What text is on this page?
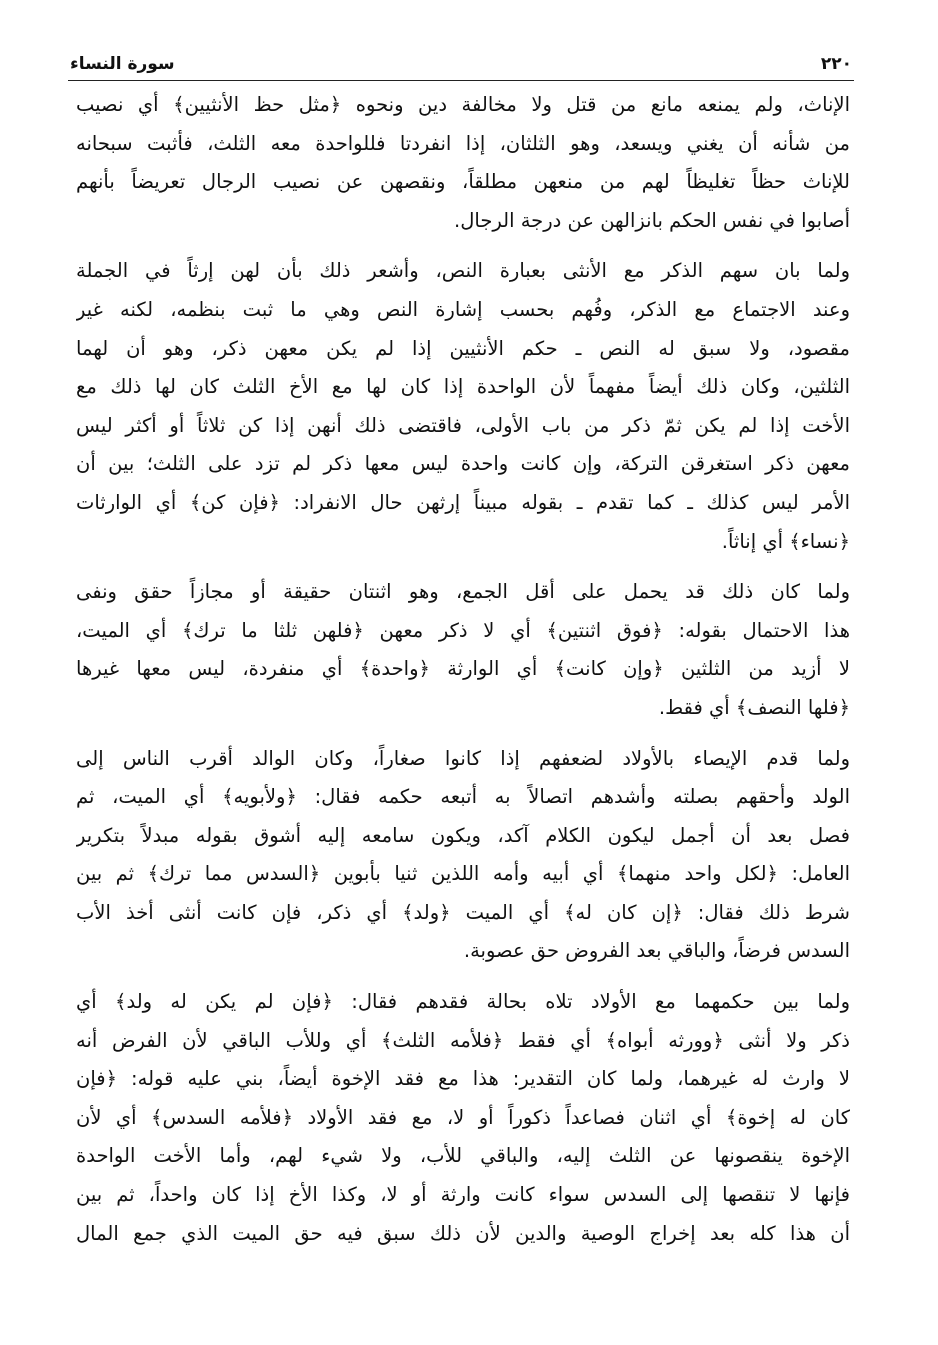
٢٢٠
سورة النساء
الإناث، ولم يمنعه مانع من قتل ولا مخالفة دين ونحوه ﴿مثل حظ الأنثيين﴾ أي نصيب
من شأنه أن يغني ويسعد، وهو الثلثان، إذا انفردتا فللواحدة معه الثلث، فأثبت سبحانه
للإناث حظاً تغليظاً لهم من منعهن مطلقاً، ونقصهن عن نصيب الرجال تعريضاً بأنهم
أصابوا في نفس الحكم بانزالهن عن درجة الرجال.
ولما بان سهم الذكر مع الأنثى بعبارة النص، وأشعر ذلك بأن لهن إرثاً في الجملة
وعند الاجتماع مع الذكر، وفُهم بحسب إشارة النص وهي ما ثبت بنظمه، لكنه غير
مقصود، ولا سبق له النص ـ حكم الأنثيين إذا لم يكن معهن ذكر، وهو أن لهما
الثلثين، وكان ذلك أيضاً مفهماً لأن الواحدة إذا كان لها مع الأخ الثلث كان لها ذلك مع
الأخت إذا لم يكن ثمّ ذكر من باب الأولى، فاقتضى ذلك أنهن إذا كن ثلاثاً أو أكثر ليس
معهن ذكر استغرقن التركة، وإن كانت واحدة ليس معها ذكر لم تزد على الثلث؛ بين أن
الأمر ليس كذلك ـ كما تقدم ـ بقوله مبيناً إرثهن حال الانفراد: ﴿فإن كن﴾ أي الوارثات
﴿نساء﴾ أي إناثاً.
ولما كان ذلك قد يحمل على أقل الجمع، وهو اثنتان حقيقة أو مجازاً حقق ونفى
هذا الاحتمال بقوله: ﴿فوق اثنتين﴾ أي لا ذكر معهن ﴿فلهن ثلثا ما ترك﴾ أي الميت،
لا أزيد من الثلثين ﴿وإن كانت﴾ أي الوارثة ﴿واحدة﴾ أي منفردة، ليس معها غيرها
﴿فلها النصف﴾ أي فقط.
ولما قدم الإيصاء بالأولاد لضعفهم إذا كانوا صغاراً، وكان الوالد أقرب الناس إلى
الولد وأحقهم بصلته وأشدهم اتصالاً به أتبعه حكمه فقال: ﴿ولأبويه﴾ أي الميت، ثم
فصل بعد أن أجمل ليكون الكلام آكد، ويكون سامعه إليه أشوق بقوله مبدلاً بتكرير
العامل: ﴿لكل واحد منهما﴾ أي أبيه وأمه اللذين ثنيا بأبوين ﴿السدس مما ترك﴾ ثم بين
شرط ذلك فقال: ﴿إن كان له﴾ أي الميت ﴿ولد﴾ أي ذكر، فإن كانت أنثى أخذ الأب
السدس فرضاً، والباقي بعد الفروض حق عصوبة.
ولما بين حكمهما مع الأولاد تلاه بحالة فقدهم فقال: ﴿فإن لم يكن له ولد﴾ أي
ذكر ولا أنثى ﴿وورثه أبواه﴾ أي فقط ﴿فلأمه الثلث﴾ أي وللأب الباقي لأن الفرض أنه
لا وارث له غيرهما، ولما كان التقدير: هذا مع فقد الإخوة أيضاً، بني عليه قوله: ﴿فإن
كان له إخوة﴾ أي اثنان فصاعداً ذكوراً أو لا، مع فقد الأولاد ﴿فلأمه السدس﴾ أي لأن
الإخوة ينقصونها عن الثلث إليه، والباقي للأب، ولا شيء لهم، وأما الأخت الواحدة
فإنها لا تنقصها إلى السدس سواء كانت وارثة أو لا، وكذا الأخ إذا كان واحداً، ثم بين
أن هذا كله بعد إخراج الوصية والدين لأن ذلك سبق فيه حق الميت الذي جمع المال
